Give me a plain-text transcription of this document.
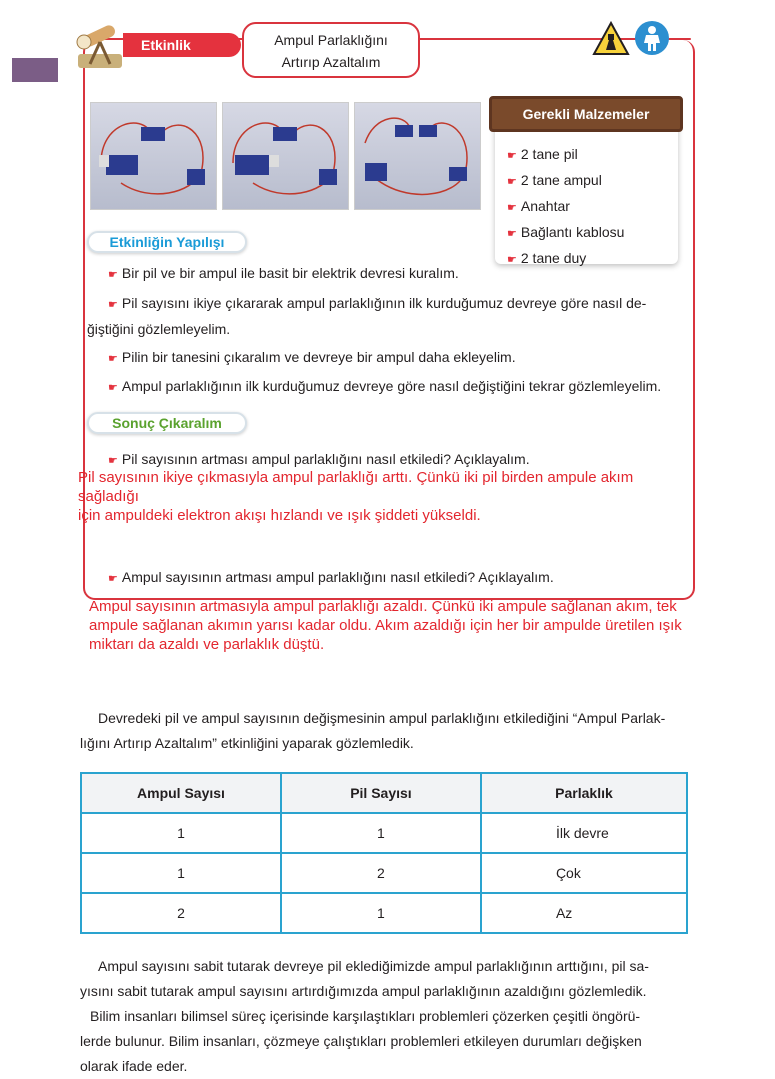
Etkinlik	Ampul Parlaklığını
Artırıp Azaltalım
Gerekli Malzemeler
☛ 2 tane pil
☛ 2 tane ampul
☛ Anahtar
☛ Bağlantı kablosu
☛ 2 tane duy
Etkinliğin Yapılışı
☛ Bir pil ve bir ampul ile basit bir elektrik devresi kuralım.
☛ Pil sayısını ikiye çıkararak ampul parlaklığının ilk kurduğumuz devreye göre nasıl de-
ğiştiğini gözlemleyelim.
☛ Pilin bir tanesini çıkaralım ve devreye bir ampul daha ekleyelim.
☛ Ampul parlaklığının ilk kurduğumuz devreye göre nasıl değiştiğini tekrar gözlemleyelim.
Sonuç Çıkaralım
☛ Pil sayısının artması ampul parlaklığını nasıl etkiledi? Açıklayalım.
Pil sayısının ikiye çıkmasıyla ampul parlaklığı arttı. Çünkü iki pil birden ampule akım sağladığı
için ampuldeki elektron akışı hızlandı ve ışık şiddeti yükseldi.
☛ Ampul sayısının artması ampul parlaklığını nasıl etkiledi? Açıklayalım.
Ampul sayısının artmasıyla ampul parlaklığı azaldı. Çünkü iki ampule sağlanan akım, tek
ampule sağlanan akımın yarısı kadar oldu. Akım azaldığı için her bir ampulde üretilen ışık
miktarı da azaldı ve parlaklık düştü.
Devredeki pil ve ampul sayısının değişmesinin ampul parlaklığını etkilediğini “Ampul Parlak-
lığını Artırıp Azaltalım” etkinliğini yaparak gözlemledik.
Ampul Sayısı	Pil Sayısı	Parlaklık
1	1	İlk devre
1	2	Çok
2	1	Az
Ampul sayısını sabit tutarak devreye pil eklediğimizde ampul parlaklığının arttığını, pil sa-
yısını sabit tutarak ampul sayısını artırdığımızda ampul parlaklığının azaldığını gözlemledik.
Bilim insanları bilimsel süreç içerisinde karşılaştıkları problemleri çözerken çeşitli öngörü-
lerde bulunur. Bilim insanları, çözmeye çalıştıkları problemleri etkileyen durumları değişken
olarak ifade eder.
